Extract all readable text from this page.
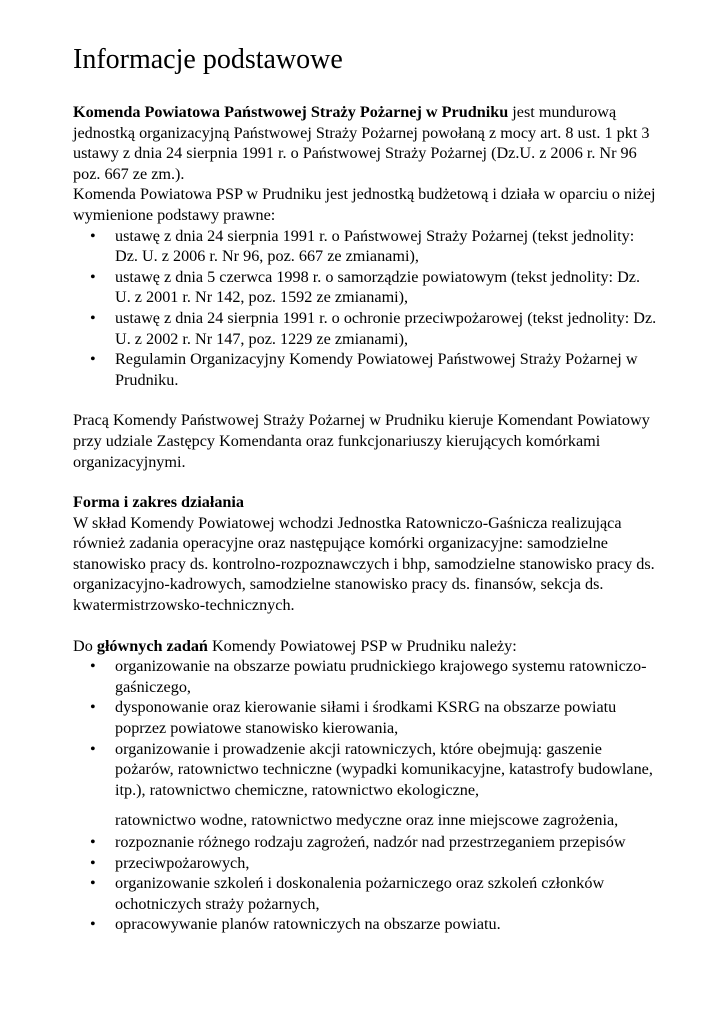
Informacje podstawowe

Komenda Powiatowa Państwowej Straży Pożarnej w Prudniku jest mundurową jednostką organizacyjną Państwowej Straży Pożarnej powołaną z mocy art. 8 ust. 1 pkt 3 ustawy z dnia 24 sierpnia 1991 r. o Państwowej Straży Pożarnej (Dz.U. z 2006 r. Nr 96 poz. 667 ze zm.).

Komenda Powiatowa PSP w Prudniku jest jednostką budżetową i działa w oparciu o niżej wymienione podstawy prawne:

• ustawę z dnia 24 sierpnia 1991 r. o Państwowej Straży Pożarnej (tekst jednolity: Dz. U. z 2006 r. Nr 96, poz. 667 ze zmianami),
• ustawę z dnia 5 czerwca 1998 r. o samorządzie powiatowym (tekst jednolity: Dz. U. z 2001 r. Nr 142, poz. 1592 ze zmianami),
• ustawę z dnia 24 sierpnia 1991 r. o ochronie przeciwpożarowej (tekst jednolity: Dz. U. z 2002 r. Nr 147, poz. 1229 ze zmianami),
• Regulamin Organizacyjny Komendy Powiatowej Państwowej Straży Pożarnej w Prudniku.

Pracą Komendy Państwowej Straży Pożarnej w Prudniku kieruje Komendant Powiatowy przy udziale Zastępcy Komendanta oraz funkcjonariuszy kierujących komórkami organizacyjnymi.

Forma i zakres działania

W skład Komendy Powiatowej wchodzi Jednostka Ratowniczo-Gaśnicza realizująca również zadania operacyjne oraz następujące komórki organizacyjne: samodzielne stanowisko pracy ds. kontrolno-rozpoznawczych i bhp, samodzielne stanowisko pracy ds. organizacyjno-kadrowych, samodzielne stanowisko pracy ds. finansów, sekcja ds. kwatermistrzowsko-technicznych.

Do głównych zadań Komendy Powiatowej PSP w Prudniku należy:

• organizowanie na obszarze powiatu prudnickiego krajowego systemu ratowniczo-gaśniczego,
• dysponowanie oraz kierowanie siłami i środkami KSRG na obszarze powiatu poprzez powiatowe stanowisko kierowania,
• organizowanie i prowadzenie akcji ratowniczych, które obejmują: gaszenie pożarów, ratownictwo techniczne (wypadki komunikacyjne, katastrofy budowlane, itp.), ratownictwo chemiczne, ratownictwo ekologiczne,
ratownictwo wodne, ratownictwo medyczne oraz inne miejscowe zagrożenia,
• rozpoznanie różnego rodzaju zagrożeń, nadzór nad przestrzeganiem przepisów
• przeciwpożarowych,
• organizowanie szkoleń i doskonalenia pożarniczego oraz szkoleń członków ochotniczych straży pożarnych,
• opracowywanie planów ratowniczych na obszarze powiatu.
